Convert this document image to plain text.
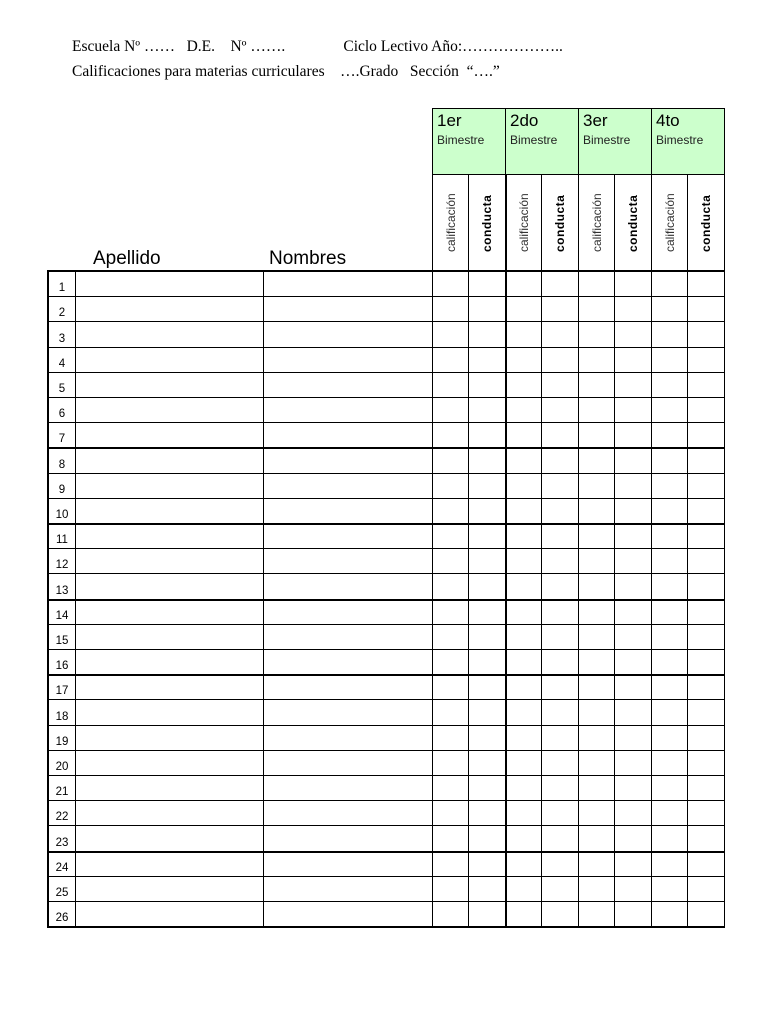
Escuela Nº ……   D.E.    Nº …….               Ciclo Lectivo Año:………………..
Calificaciones para materias curriculares    ….Grado   Sección  “….”
Apellido	Nombres
1er
Bimestre
calificación conducta
2do
Bimestre
calificación conducta
3er
Bimestre
calificación conducta
4to
Bimestre
calificación conducta
1
2
3
4
5
6
7
8
9
10
11
12
13
14
15
16
17
18
19
20
21
22
23
24
25
26
